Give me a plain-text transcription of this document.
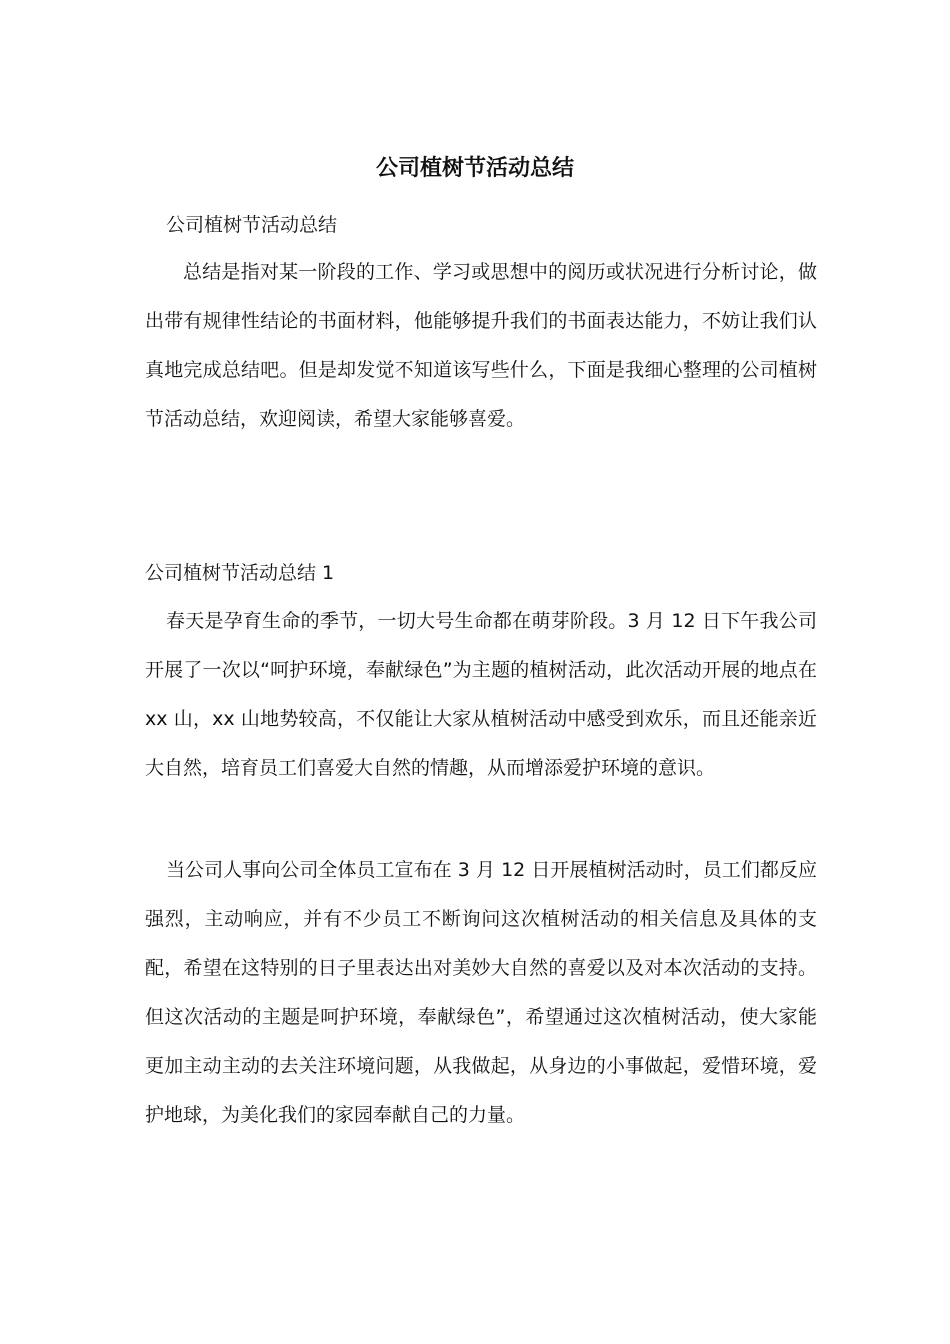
公司植树节活动总结

公司植树节活动总结

总结是指对某一阶段的工作、学习或思想中的阅历或状况进行分析讨论，做出带有规律性结论的书面材料，他能够提升我们的书面表达能力，不妨让我们认真地完成总结吧。但是却发觉不知道该写些什么，下面是我细心整理的公司植树节活动总结，欢迎阅读，希望大家能够喜爱。

公司植树节活动总结 1

春天是孕育生命的季节，一切大号生命都在萌芽阶段。3 月 12 日下午我公司开展了一次以“呵护环境，奉献绿色”为主题的植树活动，此次活动开展的地点在 xx 山，xx 山地势较高，不仅能让大家从植树活动中感受到欢乐，而且还能亲近大自然，培育员工们喜爱大自然的情趣，从而增添爱护环境的意识。

当公司人事向公司全体员工宣布在 3 月 12 日开展植树活动时，员工们都反应强烈，主动响应，并有不少员工不断询问这次植树活动的相关信息及具体的支配，希望在这特别的日子里表达出对美妙大自然的喜爱以及对本次活动的支持。但这次活动的主题是呵护环境，奉献绿色”，希望通过这次植树活动，使大家能更加主动主动的去关注环境问题，从我做起，从身边的小事做起，爱惜环境，爱护地球，为美化我们的家园奉献自己的力量。
